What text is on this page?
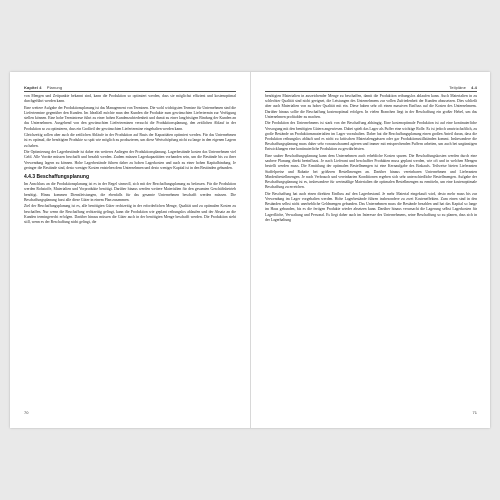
Kapitel 4 Planung

von Mengen und Zeitpunkte bekannt sind, kann die Produktion so optimiert werden, dass sie möglichst effizient und kostenoptimal durchgeführt werden kann.

Eine weitere Aufgabe der Produktionsplanung ist das Management von Terminen. Die wohl wichtigsten Termine für Unternehmen sind die Liefertermine gegenüber den Kunden. Im Idealfall möchte man den Kunden die Produkte zum gewünschten Liefertermin zur Verfügung stellen können. Eine hohe Termintreue führt zu einer hohen Kundenzufriedenheit und damit zu einer langfristigen Bindung der Kunden an das Unternehmen. Ausgehend von den gewünschten Lieferterminen versucht die Produktionsplanung, den zeitlichen Ablauf in der Produktion so zu optimieren, dass ein Großteil der gewünschten Liefertermine eingehalten werden kann.

Gleichzeitig sollen aber auch die zeitlichen Abläufe in der Produktion auf Basis der Kapazitäten optimiert werden. Für das Unternehmen ist es optimal, die benötigten Produkte so spät wie möglich zu produzieren, um diese Wertschöpfung nicht zu lange in den eigenen Lagern zu haben.

Die Optimierung der Lagerbestände ist daher ein weiteres Anliegen der Produktionsplanung. Lagerbestände kosten das Unternehmen viel Geld. Alle Vorräte müssen beschafft und bezahlt werden. Zudem müssen Lagerkapazitäten vorhanden sein, um die Bestände bis zu ihrer Verwendung lagern zu können. Hohe Lagerbestände führen daher zu hohen Lagerkosten und auch zu einer hohen Kapitalbindung. Je geringer die Bestände sind, desto weniger Kosten entstehen dem Unternehmen und desto weniger Kapital ist in den Beständen gebunden.

4.4.3 Beschaffungsplanung

Im Anschluss an die Produktionsplanung ist es in der Regel sinnvoll, sich mit der Beschaffungsplanung zu befassen. Für die Produktion werden Rohstoffe, Materialien und Vorprodukte benötigt. Darüber hinaus werden weitere Materialien für den gesamten Geschäftsbetrieb benötigt. Hinzu kommen Dienstleistungen, die ebenfalls für das gesamte Unternehmen beschafft werden müssen. Die Beschaffungsplanung fasst alle diese Güter in einem Plan zusammen.

Ziel der Beschaffungsplanung ist es, alle benötigten Güter rechtzeitig in der erforderlichen Menge, Qualität und zu optimalen Kosten zu beschaffen. Nur wenn die Beschaffung rechtzeitig gelingt, kann die Produktion wie geplant reibungslos ablaufen und der Absatz an die Kunden termingerecht erfolgen. Darüber hinaus müssen die Güter auch in der benötigten Menge beschafft werden. Die Produktion steht still, wenn es der Beschaffung nicht gelingt, die

70
Teilpläne 4.4

benötigten Materialien in ausreichender Menge zu beschaffen, damit die Produktion reibungslos ablaufen kann. Auch Materialien in zu schlechter Qualität sind nicht geeignet, die Leistungen des Unternehmens zur vollen Zufriedenheit der Kunden abzusetzen. Dies schließt aber auch Materialien von zu hoher Qualität mit ein. Diese haben sehr oft einen massiven Einfluss auf die Kosten des Unternehmens. Darüber hinaus sollte die Beschaffung kostenoptimal erfolgen. In vielen Branchen liegt in der Beschaffung ein großer Hebel, um das Unternehmen profitabler zu machen.

Die Produktion des Unternehmens ist stark von der Beschaffung abhängig. Eine kostenoptimale Produktion ist auf eine kontinuierliche Versorgung mit den benötigten Gütern angewiesen. Dabei spielt das Lager als Puffer eine wichtige Rolle. Es ist jedoch unwirtschaftlich, zu große Bestände an Produktionsmaterialien im Lager vorzuhalten. Daher hat die Beschaffungsplanung einen großen Anteil daran, dass die Produktion reibungslos abläuft und es nicht zu kritischen Materialengpässen oder gar Produktionsstillständen kommt. Insbesondere die Beschaffungsplanung muss daher sehr vorausschauend agieren und immer mit entsprechenden Puffern arbeiten, um auch bei ungünstigen Entwicklungen eine kontinuierliche Produktion zu gewährleisten.

Eine sauber Beschaffungsplanung kann dem Unternehmen auch erhebliche Kosten sparen. Die Beschaffungskosten werden durch eine saubere Planung direkt beeinflusst. Je nach Lieferant und beschaffter Produkten muss geplant werden, wie oft und in welchen Mengen bestellt werden muss. Die Ermittlung der optimalen Bestellmengen ist eine Kernaufgabe des Einkaufs. Teilweise bieten Lieferanten Staffelpreise und Rabatte bei größeren Bestellmengen an. Darüber hinaus vereinbaren Unternehmen und Lieferanten Mindestbestellmengen. Je nach Verbrauch und vereinbarten Konditionen ergeben sich sehr unterschiedliche Bestellmengen. Aufgabe der Beschaffungsplanung ist es, insbesondere für wertmäßige Materialien die optimalen Bestellmengen zu ermitteln, um eine kostenoptimale Beschaffung zu erreichen.

Die Beschaffung hat auch einen direkten Einfluss auf den Lagerbestand. Je mehr Material eingekauft wird, desto mehr muss bis zur Verwendung im Lager vorgehalten werden. Hohe Lagerbestände führen insbesondere zu zwei Kosteneffekten. Zum einen sind in den Beständen selbst nicht unerhebliche Geldmengen gebunden. Das Unternehmen muss die Bestände bezahlen und hat das Kapital so lange im Haus gebunden, bis es die fertigen Produkte wieder absetzen kann. Darüber hinaus verursacht die Lagerung selbst Lagerkosten für Lagerfläche, Verwaltung und Personal. Es liegt daher auch im Interesse des Unternehmens, seine Beschaffung so zu planen, dass sich in der Lagerhaltung

71
